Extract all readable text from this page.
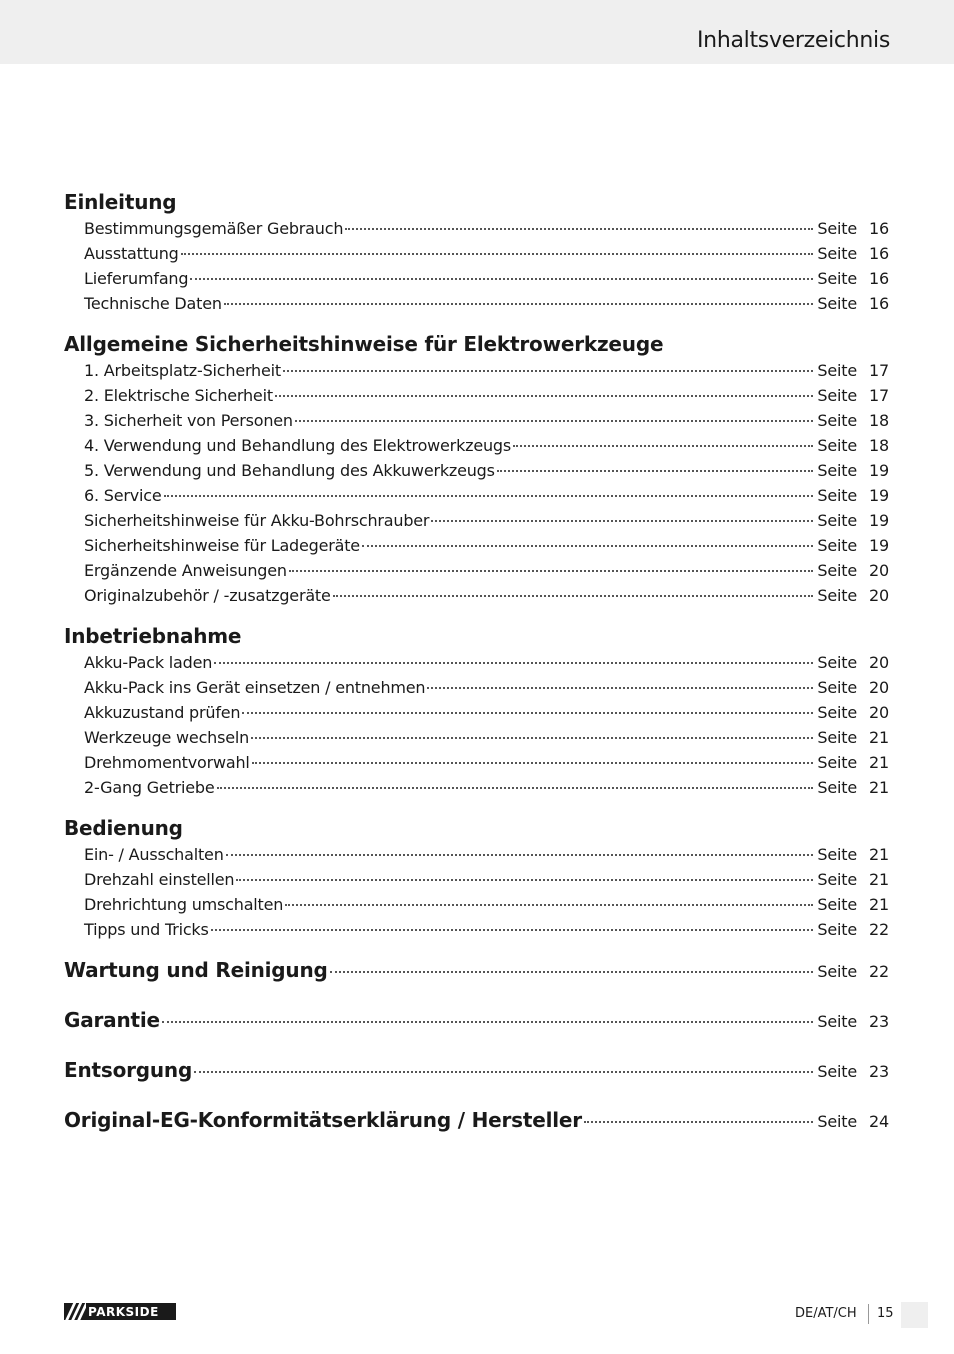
Inhaltsverzeichnis
Einleitung
Bestimmungsgemäßer Gebrauch	Seite 16
Ausstattung	Seite 16
Lieferumfang	Seite 16
Technische Daten	Seite 16
Allgemeine Sicherheitshinweise für Elektrowerkzeuge
1. Arbeitsplatz-Sicherheit	Seite 17
2. Elektrische Sicherheit	Seite 17
3. Sicherheit von Personen	Seite 18
4. Verwendung und Behandlung des Elektrowerkzeugs	Seite 18
5. Verwendung und Behandlung des Akkuwerkzeugs	Seite 19
6. Service	Seite 19
Sicherheitshinweise für Akku-Bohrschrauber	Seite 19
Sicherheitshinweise für Ladegeräte	Seite 19
Ergänzende Anweisungen	Seite 20
Originalzubehör / -zusatzgeräte	Seite 20
Inbetriebnahme
Akku-Pack laden	Seite 20
Akku-Pack ins Gerät einsetzen / entnehmen	Seite 20
Akkuzustand prüfen	Seite 20
Werkzeuge wechseln	Seite 21
Drehmomentvorwahl	Seite 21
2-Gang Getriebe	Seite 21
Bedienung
Ein- / Ausschalten	Seite 21
Drehzahl einstellen	Seite 21
Drehrichtung umschalten	Seite 21
Tipps und Tricks	Seite 22
Wartung und Reinigung	Seite 22
Garantie	Seite 23
Entsorgung	Seite 23
Original-EG-Konformitätserklärung / Hersteller	Seite 24
PARKSIDE	DE/AT/CH 15
